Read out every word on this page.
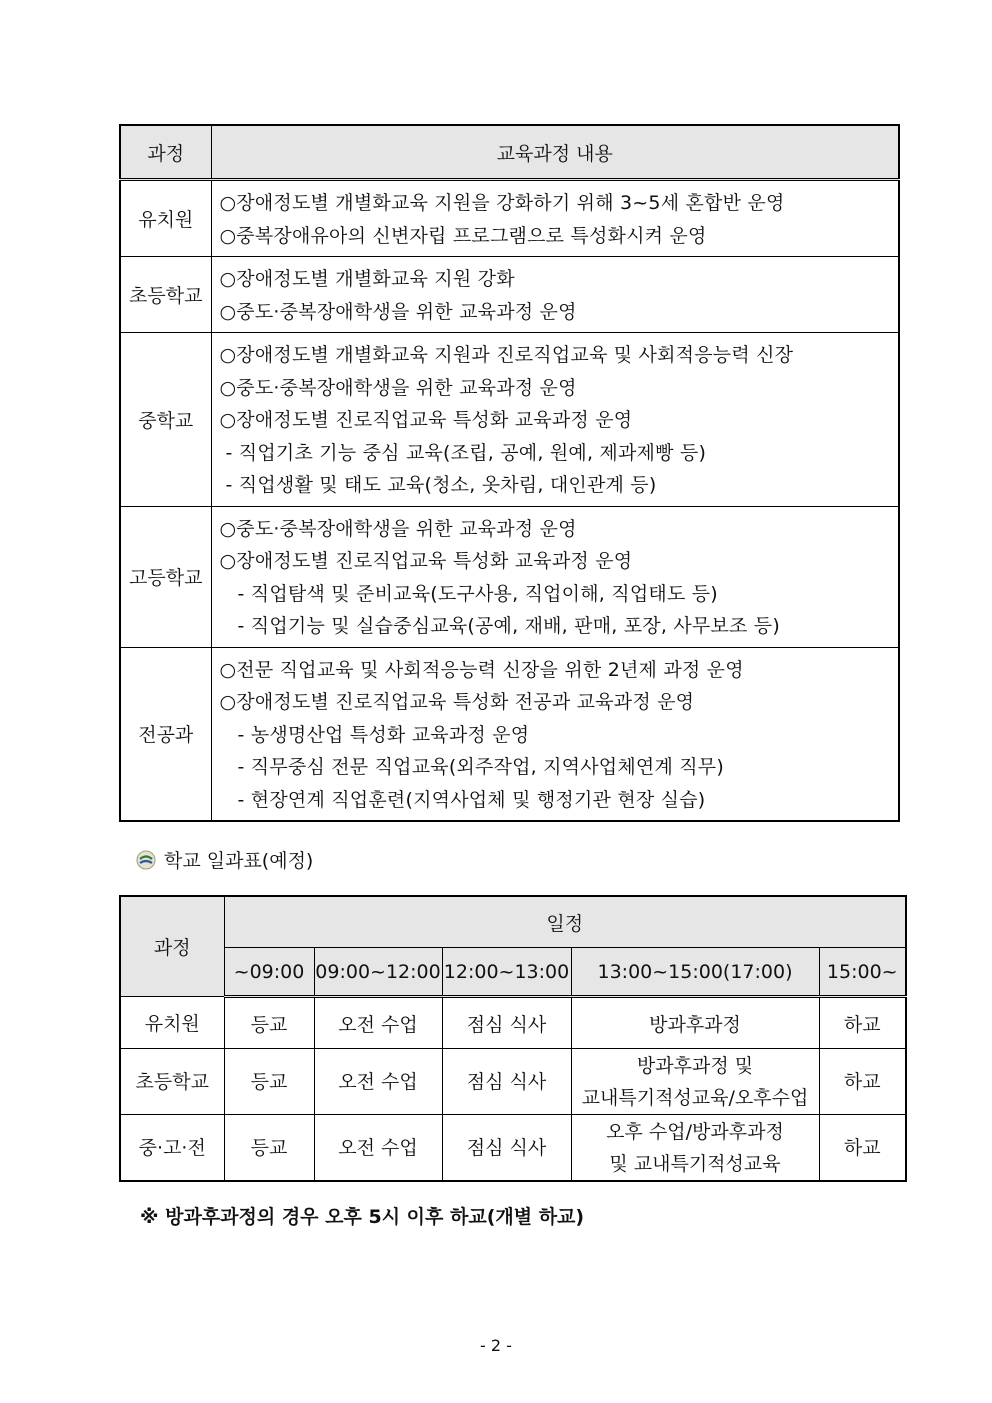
과정	교육과정 내용
유치원	○장애정도별 개별화교육 지원을 강화하기 위해 3~5세 혼합반 운영
○중복장애유아의 신변자립 프로그램으로 특성화시켜 운영

초등학교	○장애정도별 개별화교육 지원 강화
○중도·중복장애학생을 위한 교육과정 운영

중학교	○장애정도별 개별화교육 지원과 진로직업교육 및 사회적응능력 신장
○중도·중복장애학생을 위한 교육과정 운영
○장애정도별 진로직업교육 특성화 교육과정 운영
- 직업기초 기능 중심 교육(조립, 공예, 원예, 제과제빵 등)
- 직업생활 및 태도 교육(청소, 옷차림, 대인관계 등)

고등학교	○중도·중복장애학생을 위한 교육과정 운영
○장애정도별 진로직업교육 특성화 교육과정 운영
- 직업탐색 및 준비교육(도구사용, 직업이해, 직업태도 등)
- 직업기능 및 실습중심교육(공예, 재배, 판매, 포장, 사무보조 등)

전공과	○전문 직업교육 및 사회적응능력 신장을 위한 2년제 과정 운영
○장애정도별 진로직업교육 특성화 전공과 교육과정 운영
- 농생명산업 특성화 교육과정 운영
- 직무중심 전문 직업교육(외주작업, 지역사업체연계 직무)
- 현장연계 직업훈련(지역사업체 및 행정기관 현장 실습)
학교 일과표(예정)
과정	일정				
	~09:00	09:00~12:00	12:00~13:00	13:00~15:00(17:00)	15:00~
유치원	등교	오전 수업	점심 식사	방과후과정	하교
초등학교	등교	오전 수업	점심 식사	방과후과정 및
교내특기적성교육/오후수업	하교
중·고·전	등교	오전 수업	점심 식사	오후 수업/방과후과정
및 교내특기적성교육	하교
※ 방과후과정의 경우 오후 5시 이후 하교(개별 하교)
- 2 -
